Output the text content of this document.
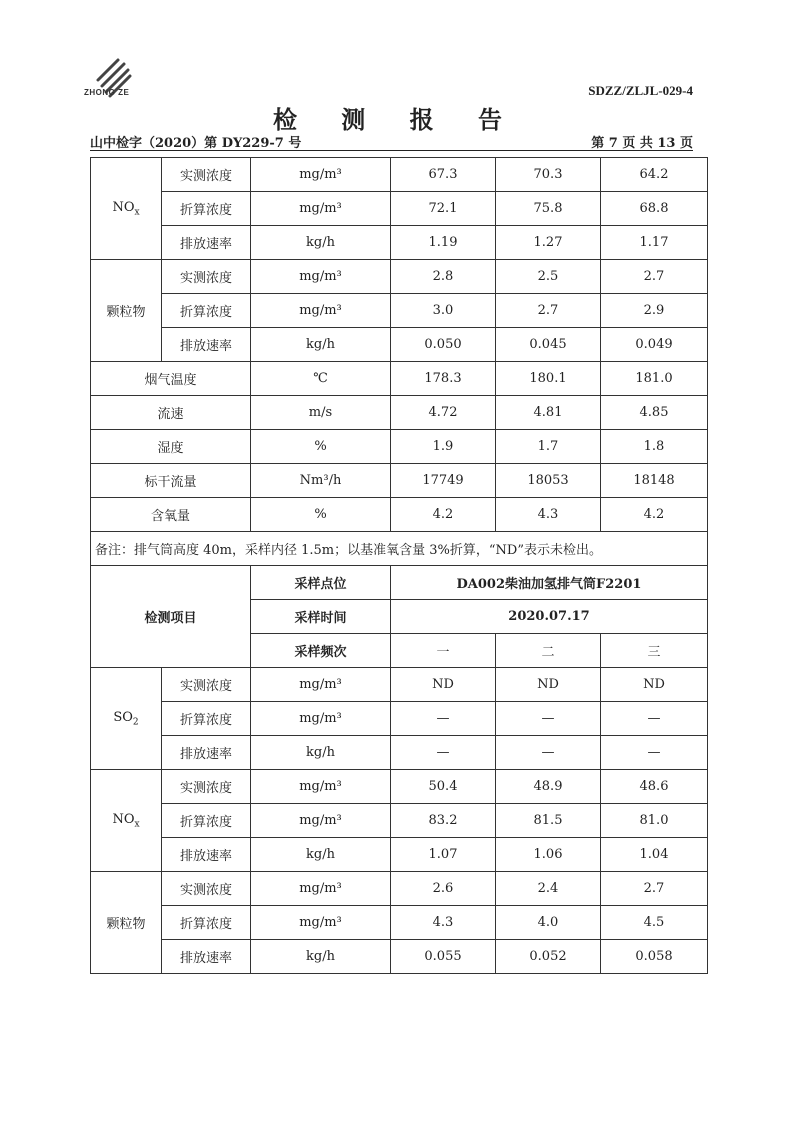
ZHONG ZE	SDZZ/ZLJL-029-4
检 测 报 告
山中检字（2020）第 DY229-7 号	第 7 页 共 13 页
$NO_x$	实测浓度	mg/m³	67.3	70.3	64.2
	折算浓度	mg/m³	72.1	75.8	68.8
	排放速率	kg/h	1.19	1.27	1.17
颗粒物	实测浓度	mg/m³	2.8	2.5	2.7
	折算浓度	mg/m³	3.0	2.7	2.9
	排放速率	kg/h	0.050	0.045	0.049
烟气温度		℃	178.3	180.1	181.0
流速		m/s	4.72	4.81	4.85
湿度		%	1.9	1.7	1.8
标干流量		Nm³/h	17749	18053	18148
含氧量		%	4.2	4.3	4.2
备注：排气筒高度 40m，采样内径 1.5m；以基准氧含量 3%折算，“ND”表示未检出。					
检测项目		采样点位	DA002柴油加氢排气筒F2201		
		采样时间	2020.07.17		
		采样频次	一	二	三
$SO_2$	实测浓度	mg/m³	ND	ND	ND
	折算浓度	mg/m³	—	—	—
	排放速率	kg/h	—	—	—
$NO_x$	实测浓度	mg/m³	50.4	48.9	48.6
	折算浓度	mg/m³	83.2	81.5	81.0
	排放速率	kg/h	1.07	1.06	1.04
颗粒物	实测浓度	mg/m³	2.6	2.4	2.7
	折算浓度	mg/m³	4.3	4.0	4.5
	排放速率	kg/h	0.055	0.052	0.058
